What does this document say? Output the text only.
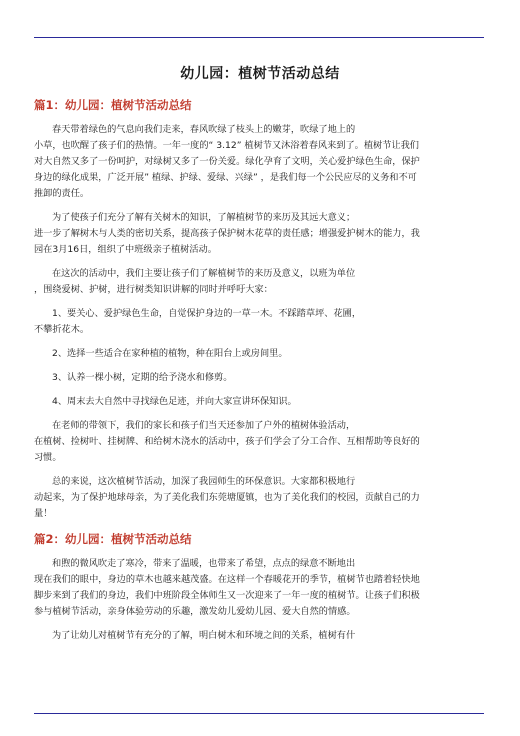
幼儿园：植树节活动总结
篇1：幼儿园：植树节活动总结
春天带着绿色的气息向我们走来，春风吹绿了枝头上的嫩芽，吹绿了地上的
小草，也吹醒了孩子们的热情。一年一度的“ 3.12” 植树节又沐浴着春风来到了。植树节让我们
对大自然又多了一份呵护，对绿树又多了一份关爱。绿化孕育了文明，关心爱护绿色生命，保护
身边的绿化成果，广泛开展” 植绿、护绿、爱绿、兴绿” ，是我们每一个公民应尽的义务和不可
推卸的责任。
为了使孩子们充分了解有关树木的知识，了解植树节的来历及其远大意义；
进一步了解树木与人类的密切关系，提高孩子保护树木花草的责任感；增强爱护树木的能力，我
园在3月16日，组织了中班级亲子植树活动。
在这次的活动中，我们主要让孩子们了解植树节的来历及意义，以班为单位
，围绕爱树、护树，进行树类知识讲解的同时并呼吁大家：
1、要关心、爱护绿色生命，自觉保护身边的一草一木。不踩踏草坪、花圃，
不攀折花木。
2、选择一些适合在家种植的植物，种在阳台上或房间里。
3、认养一棵小树，定期的给予浇水和修剪。
4、周末去大自然中寻找绿色足迹，并向大家宣讲环保知识。
在老师的带领下，我们的家长和孩子们当天还参加了户外的植树体验活动，
在植树、捡树叶、挂树牌、和给树木浇水的活动中，孩子们学会了分工合作、互相帮助等良好的
习惯。
总的来说，这次植树节活动，加深了我园师生的环保意识。大家都积极地行
动起来，为了保护地球母亲，为了美化我们东莞塘厦镇，也为了美化我们的校园，贡献自己的力
量！
篇2：幼儿园：植树节活动总结
和煦的微风吹走了寒冷，带来了温暖，也带来了希望，点点的绿意不断地出
现在我们的眼中，身边的草木也越来越茂盛。在这样一个春暖花开的季节，植树节也踏着轻快地
脚步来到了我们的身边，我们中班阶段全体师生又一次迎来了一年一度的植树节。让孩子们积极
参与植树节活动，亲身体验劳动的乐趣，激发幼儿爱幼儿园、爱大自然的情感。
为了让幼儿对植树节有充分的了解，明白树木和环境之间的关系，植树有什
